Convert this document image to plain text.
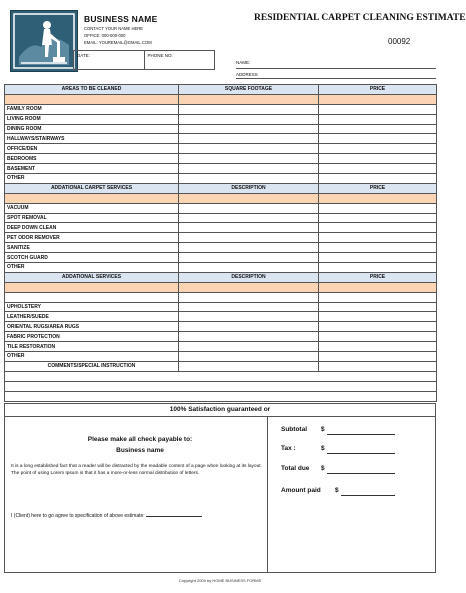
BUSINESS NAME
CONTACT YOUR NAME HERE
OFFICE: 000-000-000
EMAIL: YOUREMAIL@GMAIL.COM
RESIDENTIAL CARPET CLEANING ESTIMATE
00092
DATE:	PHONE NO:
NAME:
ADDRESS
AREAS TO BE CLEANED	SQUARE FOOTAGE	PRICE

FAMILY ROOM		
LIVING ROOM		
DINING ROOM		
HALLWAYS/STAIRWAYS		
OFFICE/DEN		
BEDROOMS		
BASEMENT		
OTHER		
ADDATIONAL CARPET SERVICES	DESCRIPTION	PRICE

VACUUM		
SPOT REMOVAL		
DEEP DOWN CLEAN		
PET ODOR REMOVER		
SANITIZE		
SCOTCH GUARD		
OTHER		
ADDATIONAL SERVICES	DESCRIPTION	PRICE

UPHOLSTERY		
LEATHER/SUEDE		
ORIENTAL RUGS/AREA RUGS		
FABRIC PROTECTION		
TILE RESTORATION		
OTHER		
COMMENTS/SPECIAL INSTRUCTION		

100% Satisfaction guaranteed or
Please make all check payable to:
Business name
It is a long established fact that a reader will be distracted by the readable content of a page when looking at its layout. The point of using Lorem Ipsum is that it has a more-or-less normal distribution of letters.
I (Client) here to go agree to specification of above estimate:
Subtotal $
Tax :	$
Total due $
Amount paid $
Copyright 2009 by HOME BUSINESS FORMS
